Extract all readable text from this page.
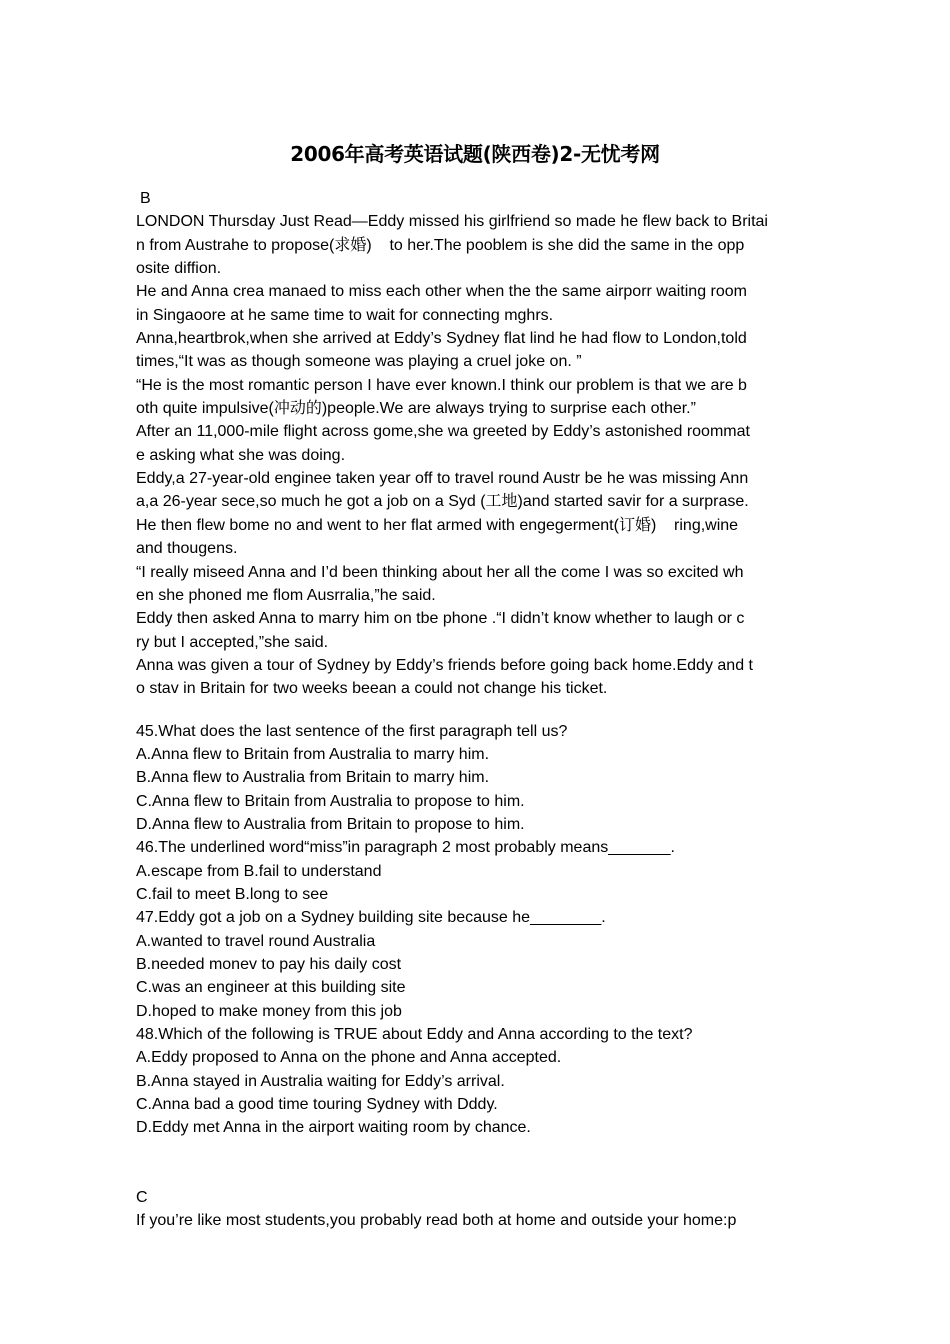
2006年高考英语试题(陕西卷)2-无忧考网
B
LONDON Thursday Just Read—Eddy missed his girlfriend so made he flew back to Britai
n from Austrahe to propose(求婚)    to her.The pooblem is she did the same in the opp
osite diffion.
He and Anna crea manaed to miss each other when the the same airporr waiting room
in Singaoore at he same time to wait for connecting mghrs.
Anna,heartbrok,when she arrived at Eddy’s Sydney flat lind he had flow to London,told
times,“It was as though someone was playing a cruel joke on. ”
“He is the most romantic person I have ever known.I think our problem is that we are b
oth quite impulsive(冲动的)people.We are always trying to surprise each other.”
After an 11,000-mile flight across gome,she wa greeted by Eddy’s astonished roommat
e asking what she was doing.
Eddy,a 27-year-old enginee taken year off to travel round Austr be he was missing Ann
a,a 26-year sece,so much he got a job on a Syd (工地)and started savir for a surprase.
He then flew bome no and went to her flat armed with engegerment(订婚)    ring,wine
and thougens.
“I really miseed Anna and I’d been thinking about her all the come I was so excited wh
en she phoned me flom Ausrralia,”he said.
Eddy then asked Anna to marry him on tbe phone .“I didn’t know whether to laugh or c
ry but I accepted,”she said.
Anna was given a tour of Sydney by Eddy’s friends before going back home.Eddy and t
o stav in Britain for two weeks beean a could not change his ticket.
45.What does the last sentence of the first paragraph tell us?
A.Anna flew to Britain from Australia to marry him.
B.Anna flew to Australia from Britain to marry him.
C.Anna flew to Britain from Australia to propose to him.
D.Anna flew to Australia from Britain to propose to him.
46.The underlined word“miss”in paragraph 2 most probably means_______.
A.escape from B.fail to understand
C.fail to meet B.long to see
47.Eddy got a job on a Sydney building site because he________.
A.wanted to travel round Australia
B.needed monev to pay his daily cost
C.was an engineer at this building site
D.hoped to make money from this job
48.Which of the following is TRUE about Eddy and Anna according to the text?
A.Eddy proposed to Anna on the phone and Anna accepted.
B.Anna stayed in Australia waiting for Eddy’s arrival.
C.Anna bad a good time touring Sydney with Dddy.
D.Eddy met Anna in the airport waiting room by chance.
C
If you’re like most students,you probably read both at home and outside your home:p
